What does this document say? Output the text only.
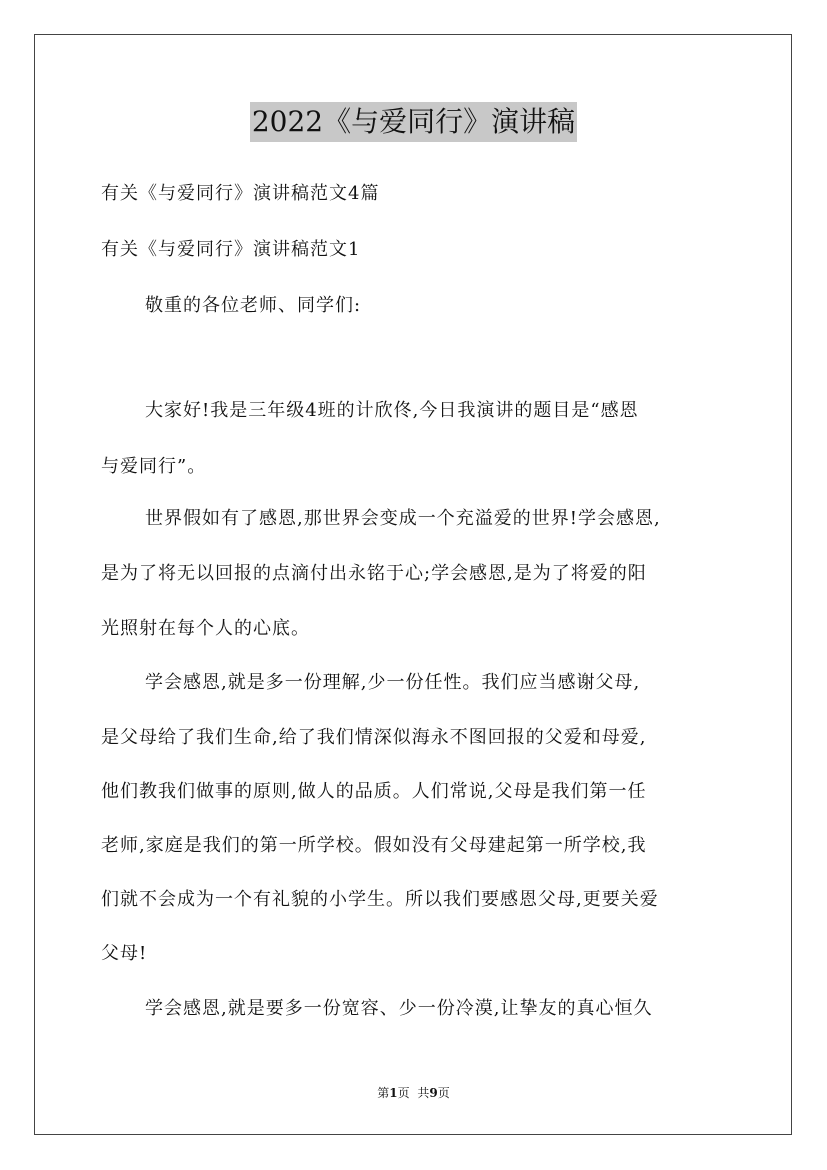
2022《与爱同行》演讲稿
有关《与爱同行》演讲稿范文4篇
有关《与爱同行》演讲稿范文1
敬重的各位老师、同学们:
大家好!我是三年级4班的计欣佟,今日我演讲的题目是“感恩
与爱同行”。
世界假如有了感恩,那世界会变成一个充溢爱的世界!学会感恩,
是为了将无以回报的点滴付出永铭于心;学会感恩,是为了将爱的阳
光照射在每个人的心底。
学会感恩,就是多一份理解,少一份任性。我们应当感谢父母,
是父母给了我们生命,给了我们情深似海永不图回报的父爱和母爱,
他们教我们做事的原则,做人的品质。人们常说,父母是我们第一任
老师,家庭是我们的第一所学校。假如没有父母建起第一所学校,我
们就不会成为一个有礼貌的小学生。所以我们要感恩父母,更要关爱
父母!
学会感恩,就是要多一份宽容、少一份冷漠,让挚友的真心恒久
第1页 共9页
